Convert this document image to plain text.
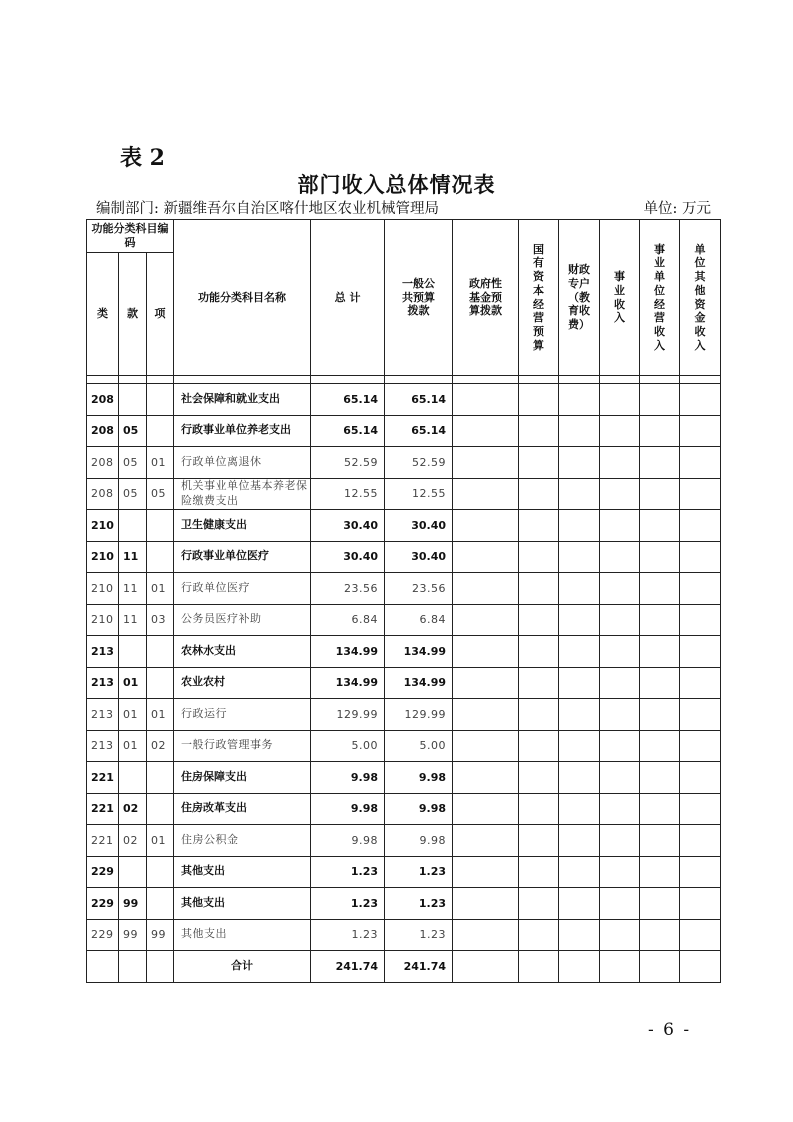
表 2
部门收入总体情况表
编制部门: 新疆维吾尔自治区喀什地区农业机械管理局	单位: 万元
功能分类科目编码			功能分类科目名称	总 计	一般公共预算拨款	政府性基金预算拨款	国有资本经营预算	财政专户（教育收费）	事业收入	事业单位经营收入	单位其他资金收入
类	款	项									

208			社会保障和就业支出	65.14	65.14						
208	05		行政事业单位养老支出	65.14	65.14						
208	05	01	行政单位离退休	52.59	52.59						
208	05	05	机关事业单位基本养老保险缴费支出	12.55	12.55						
210			卫生健康支出	30.40	30.40						
210	11		行政事业单位医疗	30.40	30.40						
210	11	01	行政单位医疗	23.56	23.56						
210	11	03	公务员医疗补助	6.84	6.84						
213			农林水支出	134.99	134.99						
213	01		农业农村	134.99	134.99						
213	01	01	行政运行	129.99	129.99						
213	01	02	一般行政管理事务	5.00	5.00						
221			住房保障支出	9.98	9.98						
221	02		住房改革支出	9.98	9.98						
221	02	01	住房公积金	9.98	9.98						
229			其他支出	1.23	1.23						
229	99		其他支出	1.23	1.23						
229	99	99	其他支出	1.23	1.23						
			合计	241.74	241.74						
- 6 -
